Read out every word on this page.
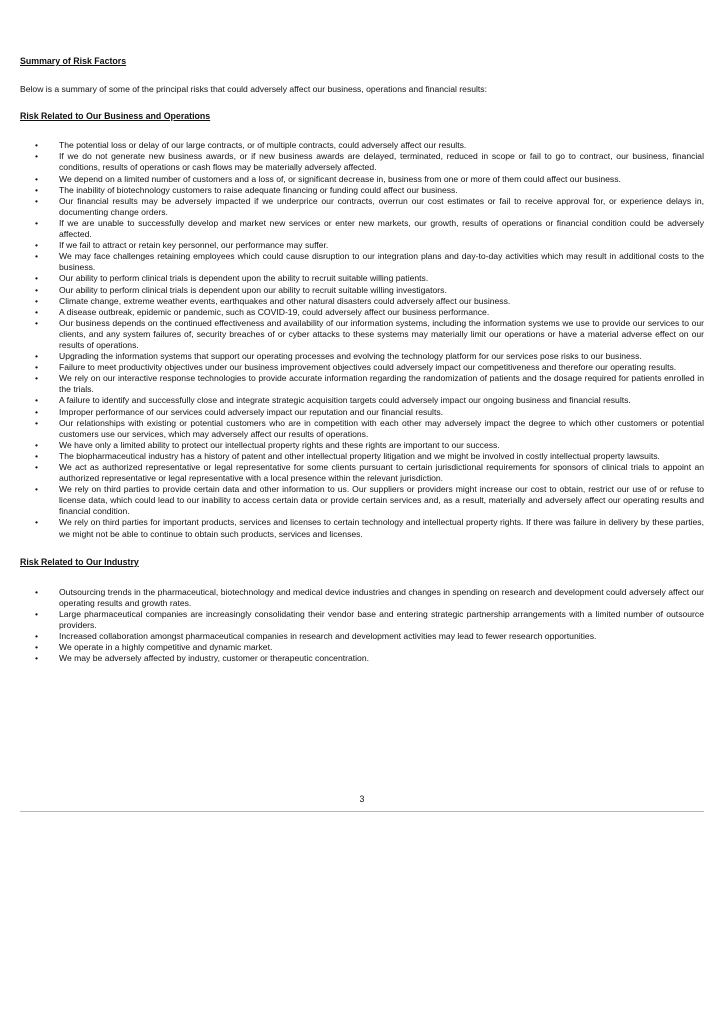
Summary of Risk Factors

Below is a summary of some of the principal risks that could adversely affect our business, operations and financial results:

Risk Related to Our Business and Operations

• The potential loss or delay of our large contracts, or of multiple contracts, could adversely affect our results.
• If we do not generate new business awards, or if new business awards are delayed, terminated, reduced in scope or fail to go to contract, our business, financial conditions, results of operations or cash flows may be materially adversely affected.
• We depend on a limited number of customers and a loss of, or significant decrease in, business from one or more of them could affect our business.
• The inability of biotechnology customers to raise adequate financing or funding could affect our business.
• Our financial results may be adversely impacted if we underprice our contracts, overrun our cost estimates or fail to receive approval for, or experience delays in, documenting change orders.
• If we are unable to successfully develop and market new services or enter new markets, our growth, results of operations or financial condition could be adversely affected.
• If we fail to attract or retain key personnel, our performance may suffer.
• We may face challenges retaining employees which could cause disruption to our integration plans and day-to-day activities which may result in additional costs to the business.
• Our ability to perform clinical trials is dependent upon the ability to recruit suitable willing patients.
• Our ability to perform clinical trials is dependent upon our ability to recruit suitable willing investigators.
• Climate change, extreme weather events, earthquakes and other natural disasters could adversely affect our business.
• A disease outbreak, epidemic or pandemic, such as COVID-19, could adversely affect our business performance.
• Our business depends on the continued effectiveness and availability of our information systems, including the information systems we use to provide our services to our clients, and any system failures of, security breaches of or cyber attacks to these systems may materially limit our operations or have a material adverse effect on our results of operations.
• Upgrading the information systems that support our operating processes and evolving the technology platform for our services pose risks to our business.
• Failure to meet productivity objectives under our business improvement objectives could adversely impact our competitiveness and therefore our operating results.
• We rely on our interactive response technologies to provide accurate information regarding the randomization of patients and the dosage required for patients enrolled in the trials.
• A failure to identify and successfully close and integrate strategic acquisition targets could adversely impact our ongoing business and financial results.
• Improper performance of our services could adversely impact our reputation and our financial results.
• Our relationships with existing or potential customers who are in competition with each other may adversely impact the degree to which other customers or potential customers use our services, which may adversely affect our results of operations.
• We have only a limited ability to protect our intellectual property rights and these rights are important to our success.
• The biopharmaceutical industry has a history of patent and other intellectual property litigation and we might be involved in costly intellectual property lawsuits.
• We act as authorized representative or legal representative for some clients pursuant to certain jurisdictional requirements for sponsors of clinical trials to appoint an authorized representative or legal representative with a local presence within the relevant jurisdiction.
• We rely on third parties to provide certain data and other information to us. Our suppliers or providers might increase our cost to obtain, restrict our use of or refuse to license data, which could lead to our inability to access certain data or provide certain services and, as a result, materially and adversely affect our operating results and financial condition.
• We rely on third parties for important products, services and licenses to certain technology and intellectual property rights. If there was failure in delivery by these parties, we might not be able to continue to obtain such products, services and licenses.

Risk Related to Our Industry

• Outsourcing trends in the pharmaceutical, biotechnology and medical device industries and changes in spending on research and development could adversely affect our operating results and growth rates.
• Large pharmaceutical companies are increasingly consolidating their vendor base and entering strategic partnership arrangements with a limited number of outsource providers.
• Increased collaboration amongst pharmaceutical companies in research and development activities may lead to fewer research opportunities.
• We operate in a highly competitive and dynamic market.
• We may be adversely affected by industry, customer or therapeutic concentration.
3
